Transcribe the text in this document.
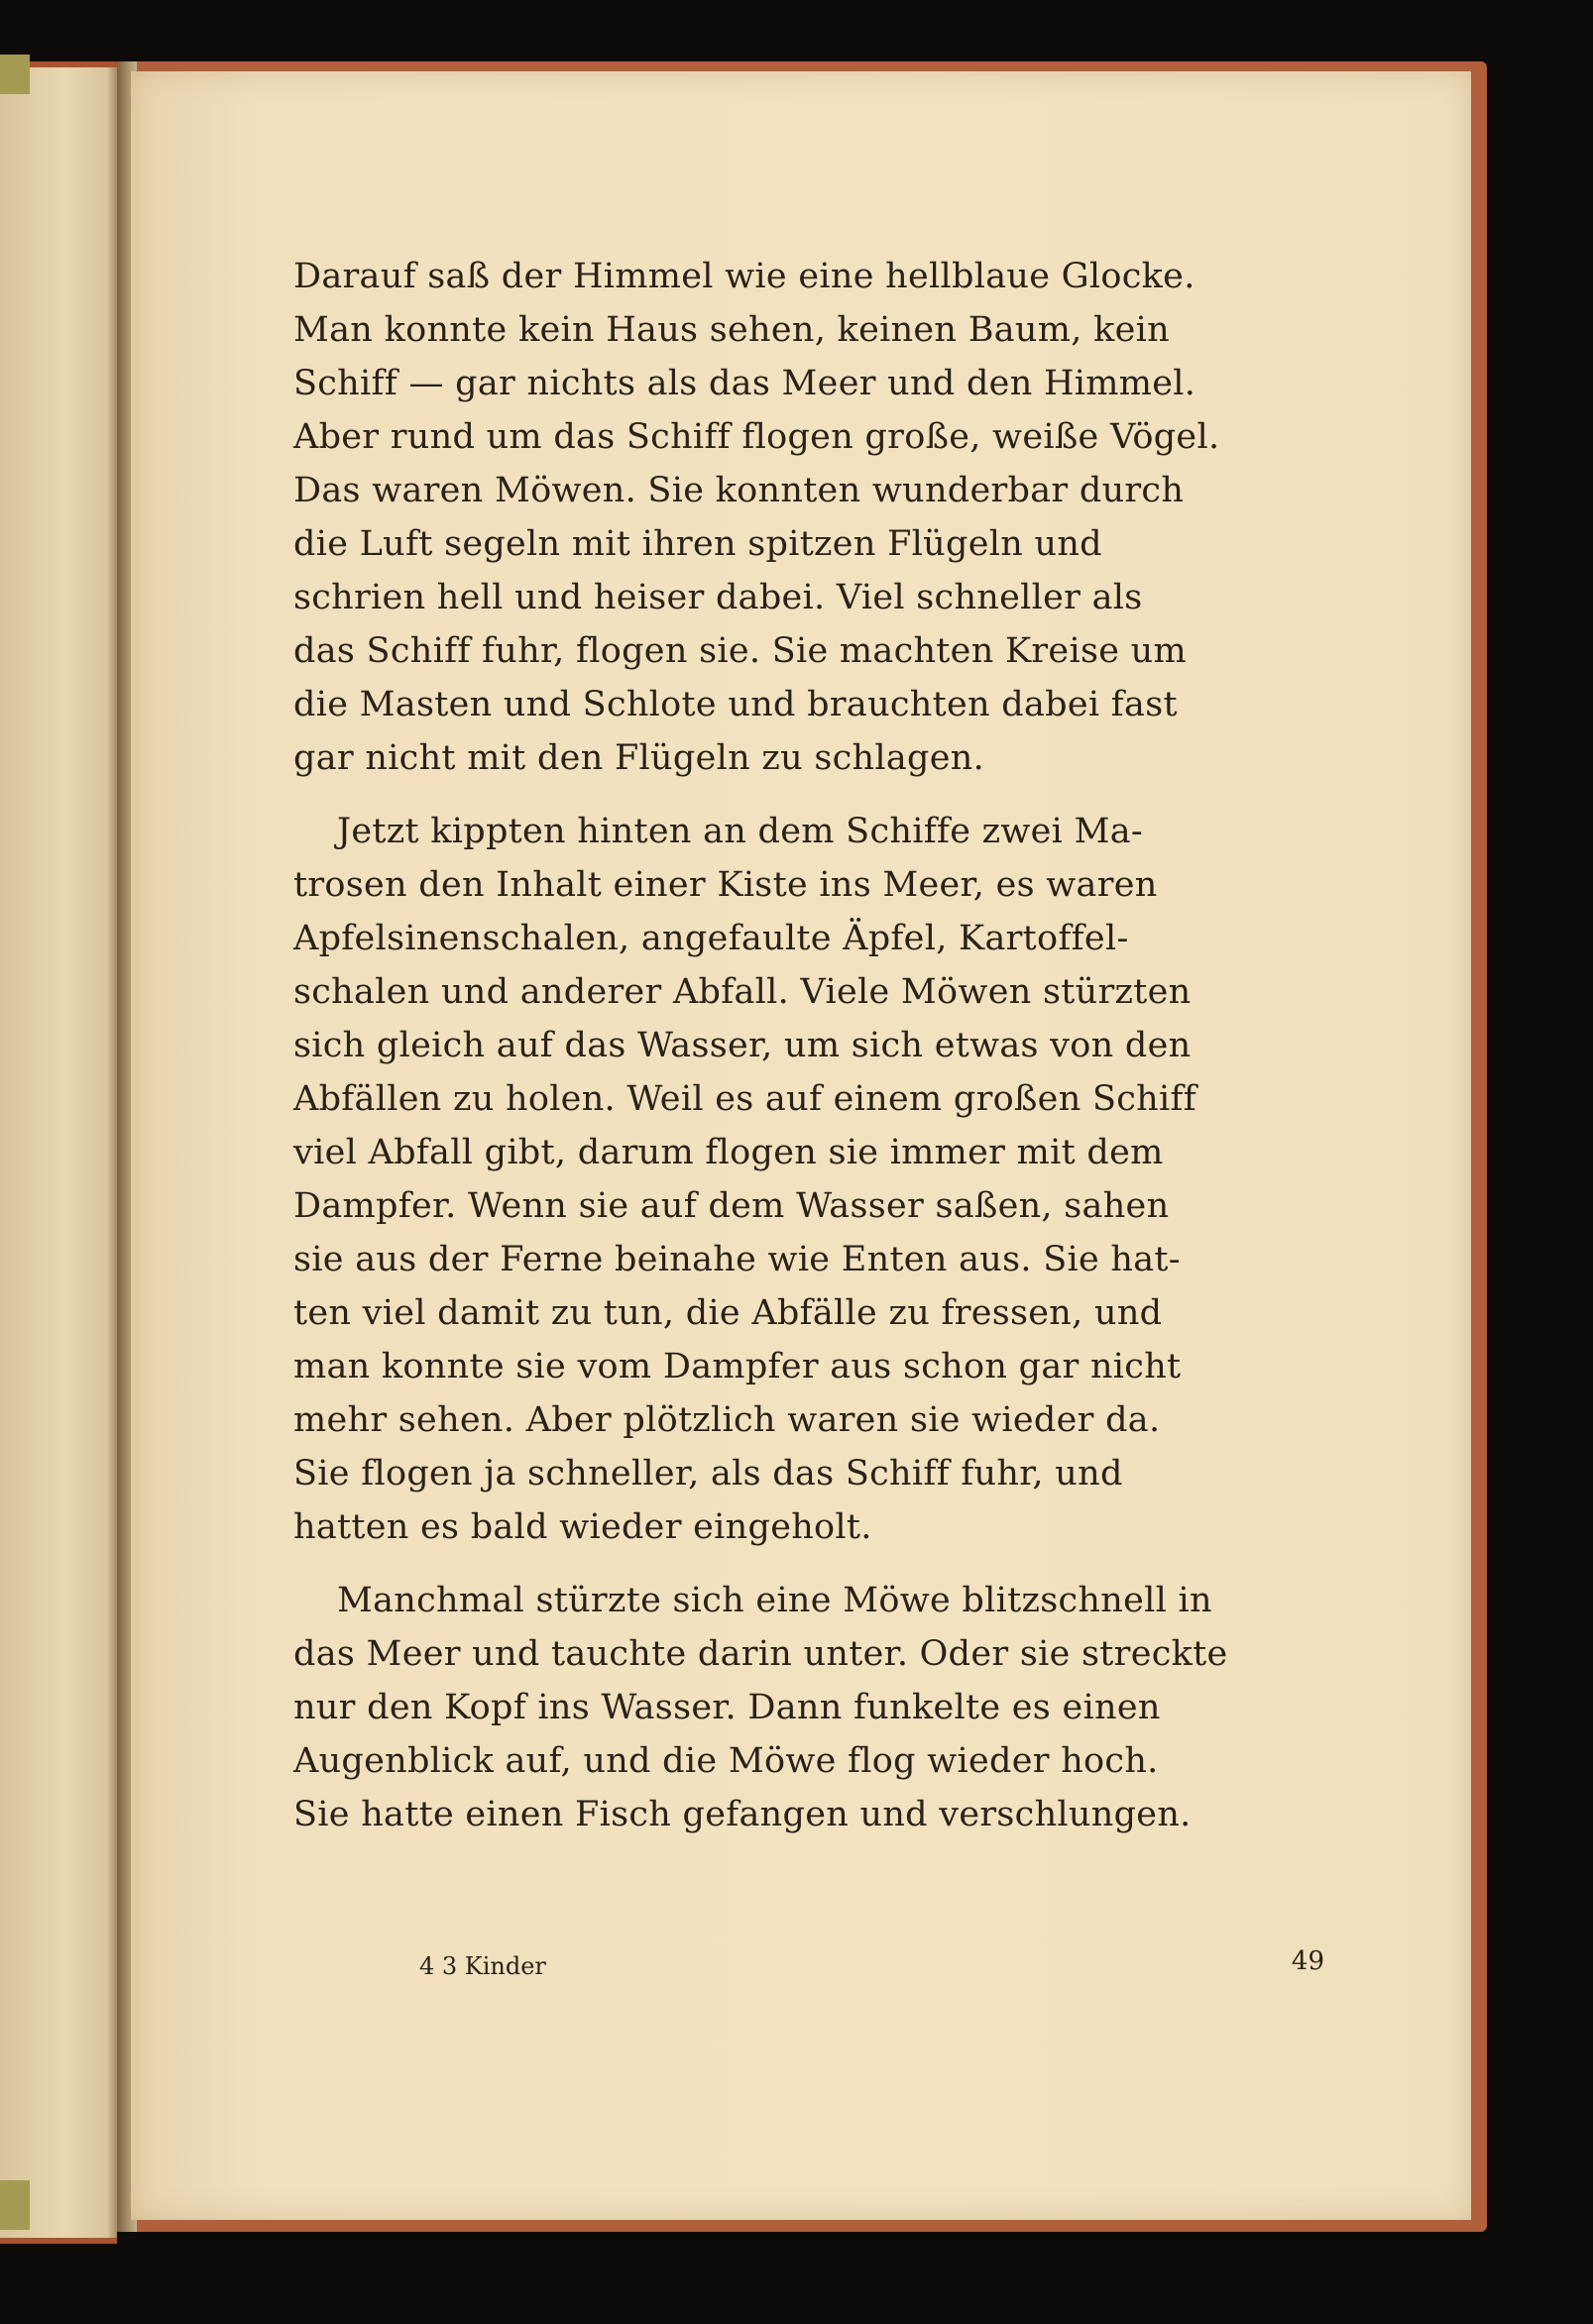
Darauf saß der Himmel wie eine hellblaue Glocke.
Man konnte kein Haus sehen, keinen Baum, kein
Schiff — gar nichts als das Meer und den Himmel.
Aber rund um das Schiff flogen große, weiße Vögel.
Das waren Möwen. Sie konnten wunderbar durch
die Luft segeln mit ihren spitzen Flügeln und
schrien hell und heiser dabei. Viel schneller als
das Schiff fuhr, flogen sie. Sie machten Kreise um
die Masten und Schlote und brauchten dabei fast
gar nicht mit den Flügeln zu schlagen.

Jetzt kippten hinten an dem Schiffe zwei Ma-
trosen den Inhalt einer Kiste ins Meer, es waren
Apfelsinenschalen, angefaulte Äpfel, Kartoffel-
schalen und anderer Abfall. Viele Möwen stürzten
sich gleich auf das Wasser, um sich etwas von den
Abfällen zu holen. Weil es auf einem großen Schiff
viel Abfall gibt, darum flogen sie immer mit dem
Dampfer. Wenn sie auf dem Wasser saßen, sahen
sie aus der Ferne beinahe wie Enten aus. Sie hat-
ten viel damit zu tun, die Abfälle zu fressen, und
man konnte sie vom Dampfer aus schon gar nicht
mehr sehen. Aber plötzlich waren sie wieder da.
Sie flogen ja schneller, als das Schiff fuhr, und
hatten es bald wieder eingeholt.

Manchmal stürzte sich eine Möwe blitzschnell in
das Meer und tauchte darin unter. Oder sie streckte
nur den Kopf ins Wasser. Dann funkelte es einen
Augenblick auf, und die Möwe flog wieder hoch.
Sie hatte einen Fisch gefangen und verschlungen.

4 3 Kinder	49
